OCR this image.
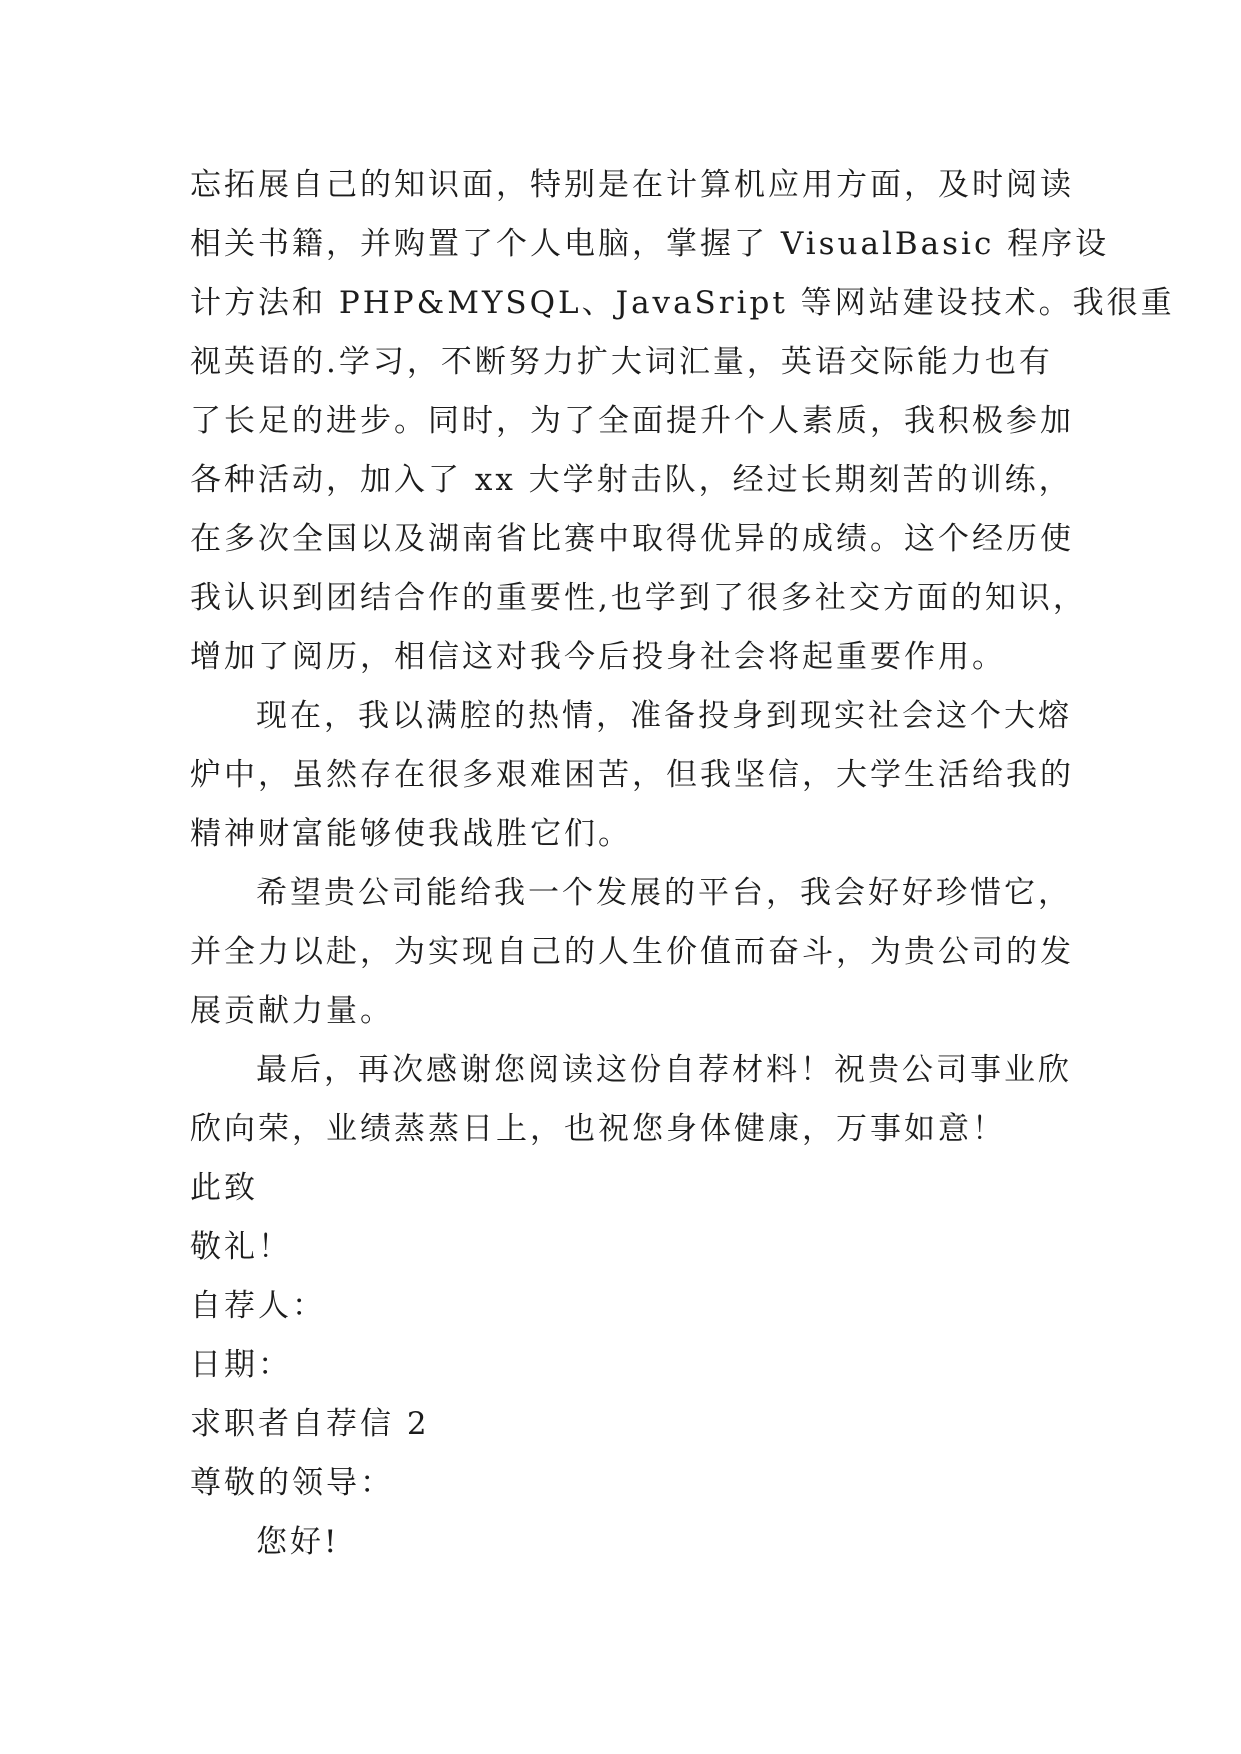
忘拓展自己的知识面，特别是在计算机应用方面，及时阅读
相关书籍，并购置了个人电脑，掌握了 VisualBasic 程序设
计方法和 PHP&MYSQL、JavaSript 等网站建设技术。我很重
视英语的.学习，不断努力扩大词汇量，英语交际能力也有
了长足的进步。同时，为了全面提升个人素质，我积极参加
各种活动，加入了 xx 大学射击队，经过长期刻苦的训练，
在多次全国以及湖南省比赛中取得优异的成绩。这个经历使
我认识到团结合作的重要性,也学到了很多社交方面的知识，
增加了阅历，相信这对我今后投身社会将起重要作用。
现在，我以满腔的热情，准备投身到现实社会这个大熔
炉中，虽然存在很多艰难困苦，但我坚信，大学生活给我的
精神财富能够使我战胜它们。
希望贵公司能给我一个发展的平台，我会好好珍惜它，
并全力以赴，为实现自己的人生价值而奋斗，为贵公司的发
展贡献力量。
最后，再次感谢您阅读这份自荐材料！祝贵公司事业欣
欣向荣，业绩蒸蒸日上，也祝您身体健康，万事如意！
此致
敬礼！
自荐人：
日期：
求职者自荐信 2
尊敬的领导：
您好!
